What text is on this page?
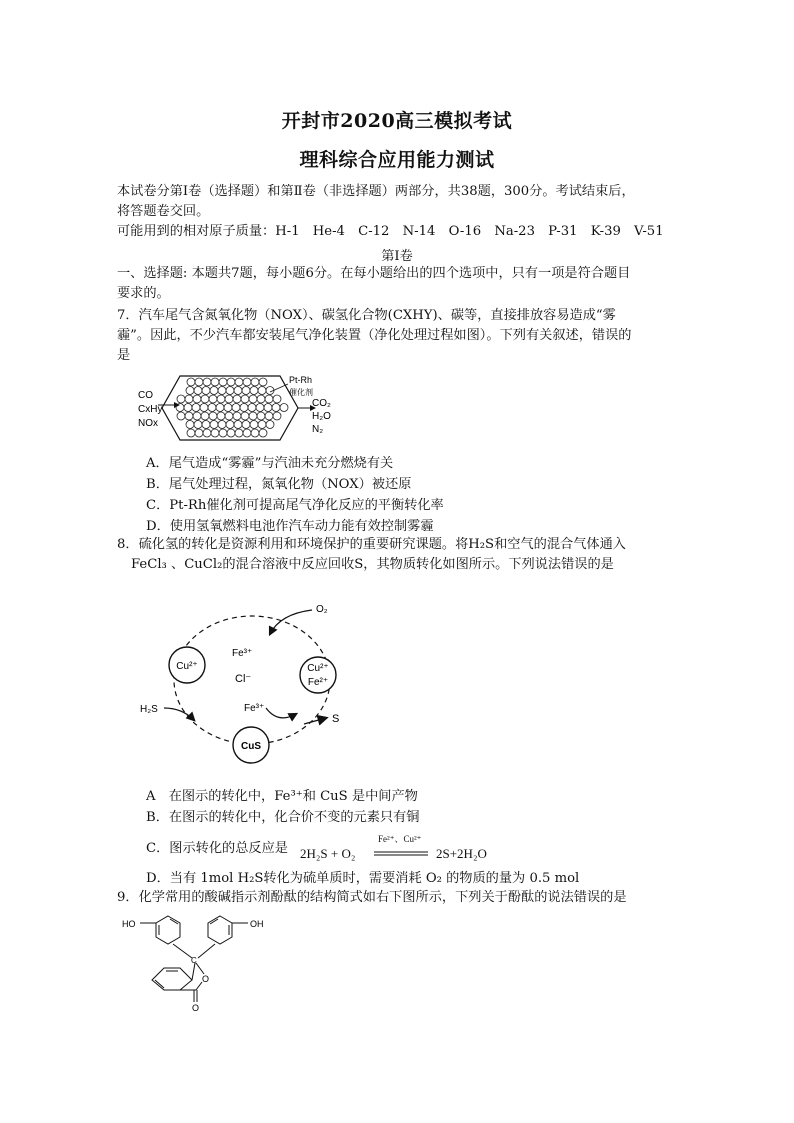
开封市2020高三模拟考试
理科综合应用能力测试
本试卷分第Ⅰ卷（选择题）和第Ⅱ卷（非选择题）两部分，共38题，300分。考试结束后，
将答题卷交回。
可能用到的相对原子质量：H-1　He-4　C-12　N-14　O-16　Na-23　P-31　K-39　V-51
第Ⅰ卷
一、选择题: 本题共7题，每小题6分。在每小题给出的四个选项中，只有一项是符合题目
要求的。
7．汽车尾气含氮氧化物（NOX）、碳氢化合物(CXHY)、碳等，直接排放容易造成“雾
霾”。因此，不少汽车都安装尾气净化装置（净化处理过程如图）。下列有关叙述，错误的
是
CO
CxHy
NOx
CO₂
H₂O
N₂
Pt-Rh
催化剂
A．尾气造成“雾霾”与汽油未充分燃烧有关
B．尾气处理过程，氮氧化物（NOX）被还原
C．Pt-Rh催化剂可提高尾气净化反应的平衡转化率
D．使用氢氧燃料电池作汽车动力能有效控制雾霾
8．硫化氢的转化是资源利用和环境保护的重要研究课题。将H₂S和空气的混合气体通入
FeCl₃ 、CuCl₂的混合溶液中反应回收S，其物质转化如图所示。下列说法错误的是
Cu²⁺	Cu²⁺
Fe²⁺
CuS
Fe³⁺
Cl⁻
O₂
H₂S	Fe³⁺
S
A　在图示的转化中，Fe³⁺和 CuS 是中间产物
B．在图示的转化中，化合价不变的元素只有铜
C．图示转化的总反应是 2H₂S + O₂
Fe²⁺、Cu²⁺
2S+2H₂O
D．当有 1mol H₂S转化为硫单质时，需要消耗 O₂ 的物质的量为 0.5 mol
9．化学常用的酸碱指示剂酚酞的结构简式如右下图所示，下列关于酚酞的说法错误的是
HO	OH
C
O
O
